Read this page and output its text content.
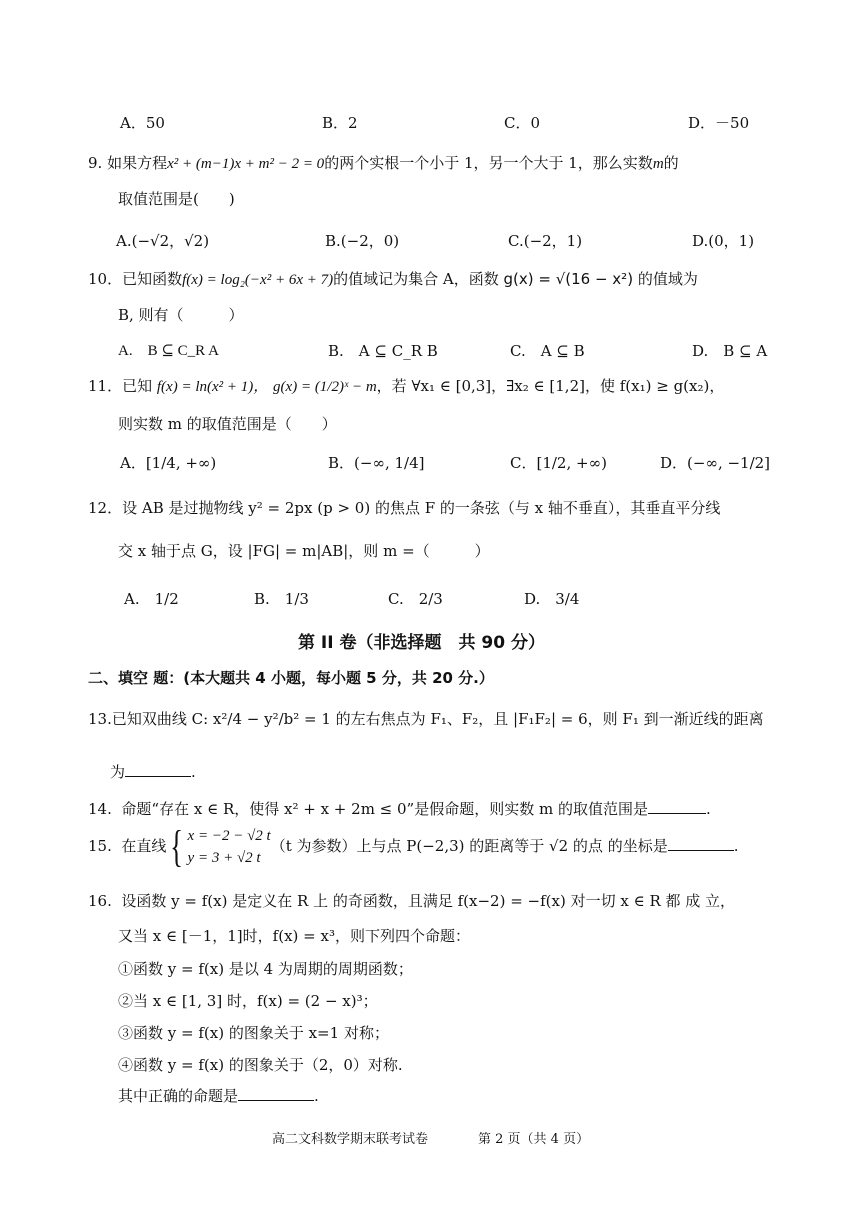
A．50	B．2	C．0	D．－50
9. 如果方程x² + (m−1)x + m² − 2 = 0的两个实根一个小于 1，另一个大于 1，那么实数m的
取值范围是(　　)
A.(−√2，√2)	B.(−2，0)	C.(−2，1)	D.(0，1)
10．已知函数f(x) = log₂(−x² + 6x + 7)的值域记为集合 A，函数 g(x) = √(16 − x²) 的值域为
B, 则有（　　　）
A.　B ⊆ C_R A	B.　A ⊆ C_R B	C.　A ⊆ B	D.　B ⊆ A
11．已知 f(x) = ln(x² + 1)， g(x) = (1/2)ˣ − m，若 ∀x₁ ∈ [0,3]，∃x₂ ∈ [1,2]，使 f(x₁) ≥ g(x₂)，
则实数 m 的取值范围是（　　）
A．[1/4, +∞)	B．(−∞, 1/4]	C．[1/2, +∞)	D．(−∞, −1/2]
12．设 AB 是过抛物线 y² = 2px (p > 0) 的焦点 F 的一条弦（与 x 轴不垂直），其垂直平分线
交 x 轴于点 G，设 |FG| = m|AB|，则 m =（　　　）
A.　1/2	B.　1/3	C.　2/3	D.　3/4
第 II 卷（非选择题　共 90 分）
二、填空 题：(本大题共 4 小题，每小题 5 分，共 20 分.）
13.已知双曲线 C: x²/4 − y²/b² = 1 的左右焦点为 F₁、F₂，且 |F₁F₂| = 6，则 F₁ 到一渐近线的距离
为	.
14. 命题“存在 x ∈ R，使得 x² + x + 2m ≤ 0”是假命题，则实数 m 的取值范围是	.
15. 在直线{ x = −2 − √2 t
y = 3 + √2 t
（t 为参数）上与点 P(−2,3) 的距离等于 √2 的点 的坐标是	.
16. 设函数 y = f(x) 是定义在 R 上 的奇函数，且满足 f(x−2) = −f(x) 对一切 x ∈ R 都 成 立，
又当 x ∈ [－1，1]时，f(x) = x³，则下列四个命题：
①函数 y = f(x) 是以 4 为周期的周期函数；
②当 x ∈ [1, 3] 时，f(x) = (2 − x)³；
③函数 y = f(x) 的图象关于 x=1 对称；
④函数 y = f(x) 的图象关于（2，0）对称.
其中正确的命题是	.
高二文科数学期末联考试卷	第 2 页（共 4 页）
